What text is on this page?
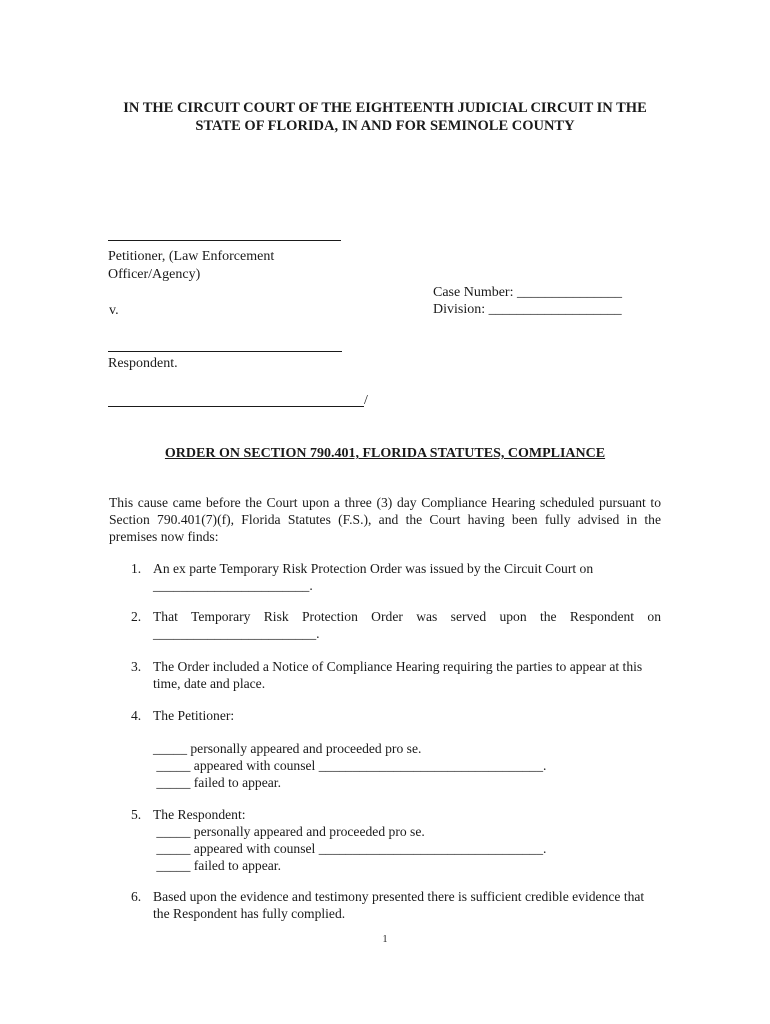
IN THE CIRCUIT COURT OF THE EIGHTEENTH JUDICIAL CIRCUIT IN THE
STATE OF FLORIDA, IN AND FOR SEMINOLE COUNTY
Petitioner, (Law Enforcement
Officer/Agency)
Case Number: _______________
v.	Division: ___________________
Respondent.
/
ORDER ON SECTION 790.401, FLORIDA STATUTES, COMPLIANCE
This cause came before the Court upon a three (3) day Compliance Hearing scheduled pursuant to
Section 790.401(7)(f), Florida Statutes (F.S.), and the Court having been fully advised in the
premises now finds:
1. An ex parte Temporary Risk Protection Order was issued by the Circuit Court on
_______________________.
2. That Temporary Risk Protection Order was served upon the Respondent on
________________________.
3. The Order included a Notice of Compliance Hearing requiring the parties to appear at this
time, date and place.
4. The Petitioner:
_____ personally appeared and proceeded pro se.
_____ appeared with counsel _________________________________.
_____ failed to appear.
5. The Respondent:
_____ personally appeared and proceeded pro se.
_____ appeared with counsel _________________________________.
_____ failed to appear.
6. Based upon the evidence and testimony presented there is sufficient credible evidence that
the Respondent has fully complied.
1
